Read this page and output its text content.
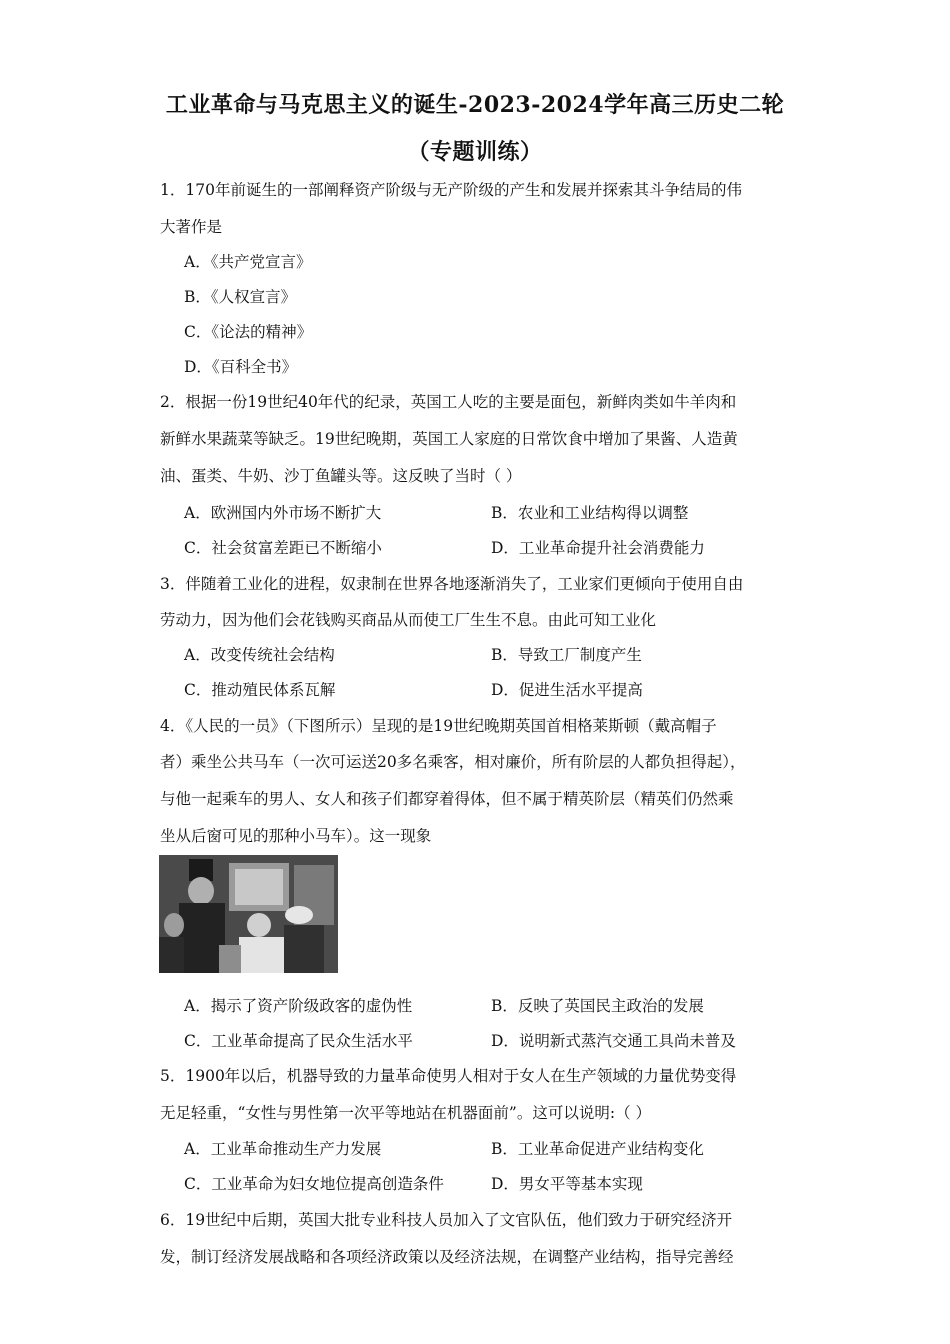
工业革命与马克思主义的诞生-2023-2024学年高三历史二轮
（专题训练）
1．170年前诞生的一部阐释资产阶级与无产阶级的产生和发展并探索其斗争结局的伟
大著作是
A．《共产党宣言》
B．《人权宣言》
C．《论法的精神》
D．《百科全书》
2．根据一份19世纪40年代的纪录，英国工人吃的主要是面包，新鲜肉类如牛羊肉和
新鲜水果蔬菜等缺乏。19世纪晚期，英国工人家庭的日常饮食中增加了果酱、人造黄
油、蛋类、牛奶、沙丁鱼罐头等。这反映了当时（ ）
A．欧洲国内外市场不断扩大	B．农业和工业结构得以调整
C．社会贫富差距已不断缩小	D．工业革命提升社会消费能力
3．伴随着工业化的进程，奴隶制在世界各地逐渐消失了，工业家们更倾向于使用自由
劳动力，因为他们会花钱购买商品从而使工厂生生不息。由此可知工业化
A．改变传统社会结构	B．导致工厂制度产生
C．推动殖民体系瓦解	D．促进生活水平提高
4．《人民的一员》（下图所示）呈现的是19世纪晚期英国首相格莱斯顿（戴高帽子
者）乘坐公共马车（一次可运送20多名乘客，相对廉价，所有阶层的人都负担得起），
与他一起乘车的男人、女人和孩子们都穿着得体，但不属于精英阶层（精英们仍然乘
坐从后窗可见的那种小马车）。这一现象
A．揭示了资产阶级政客的虚伪性	B．反映了英国民主政治的发展
C．工业革命提高了民众生活水平	D．说明新式蒸汽交通工具尚未普及
5．1900年以后，机器导致的力量革命使男人相对于女人在生产领域的力量优势变得
无足轻重，“女性与男性第一次平等地站在机器面前”。这可以说明:（ ）
A．工业革命推动生产力发展	B．工业革命促进产业结构变化
C．工业革命为妇女地位提高创造条件	D．男女平等基本实现
6．19世纪中后期，英国大批专业科技人员加入了文官队伍，他们致力于研究经济开
发，制订经济发展战略和各项经济政策以及经济法规，在调整产业结构，指导完善经
